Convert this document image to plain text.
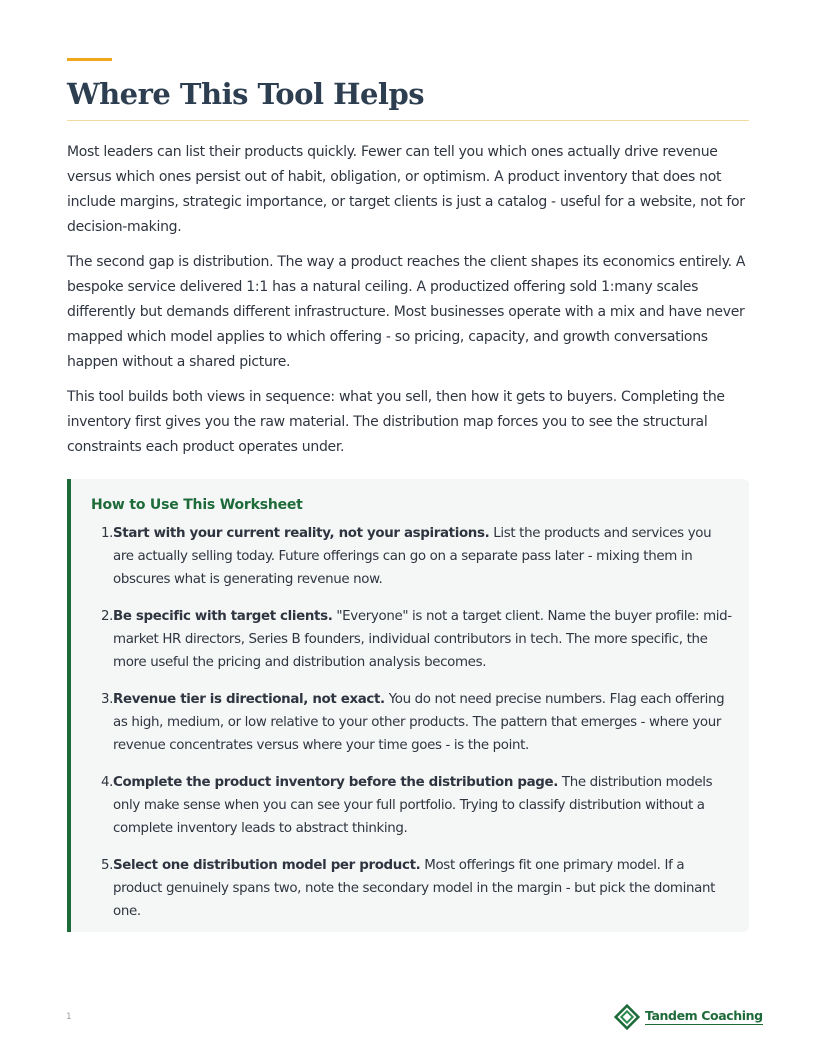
Where This Tool Helps

Most leaders can list their products quickly. Fewer can tell you which ones actually drive revenue versus which ones persist out of habit, obligation, or optimism. A product inventory that does not include margins, strategic importance, or target clients is just a catalog - useful for a website, not for decision-making.

The second gap is distribution. The way a product reaches the client shapes its economics entirely. A bespoke service delivered 1:1 has a natural ceiling. A productized offering sold 1:many scales differently but demands different infrastructure. Most businesses operate with a mix and have never mapped which model applies to which offering - so pricing, capacity, and growth conversations happen without a shared picture.

This tool builds both views in sequence: what you sell, then how it gets to buyers. Completing the inventory first gives you the raw material. The distribution map forces you to see the structural constraints each product operates under.

How to Use This Worksheet
1. Start with your current reality, not your aspirations. List the products and services you are actually selling today. Future offerings can go on a separate pass later - mixing them in obscures what is generating revenue now.
2. Be specific with target clients. "Everyone" is not a target client. Name the buyer profile: mid-market HR directors, Series B founders, individual contributors in tech. The more specific, the more useful the pricing and distribution analysis becomes.
3. Revenue tier is directional, not exact. You do not need precise numbers. Flag each offering as high, medium, or low relative to your other products. The pattern that emerges - where your revenue concentrates versus where your time goes - is the point.
4. Complete the product inventory before the distribution page. The distribution models only make sense when you can see your full portfolio. Trying to classify distribution without a complete inventory leads to abstract thinking.
5. Select one distribution model per product. Most offerings fit one primary model. If a product genuinely spans two, note the secondary model in the margin - but pick the dominant one.
1	Tandem Coaching
